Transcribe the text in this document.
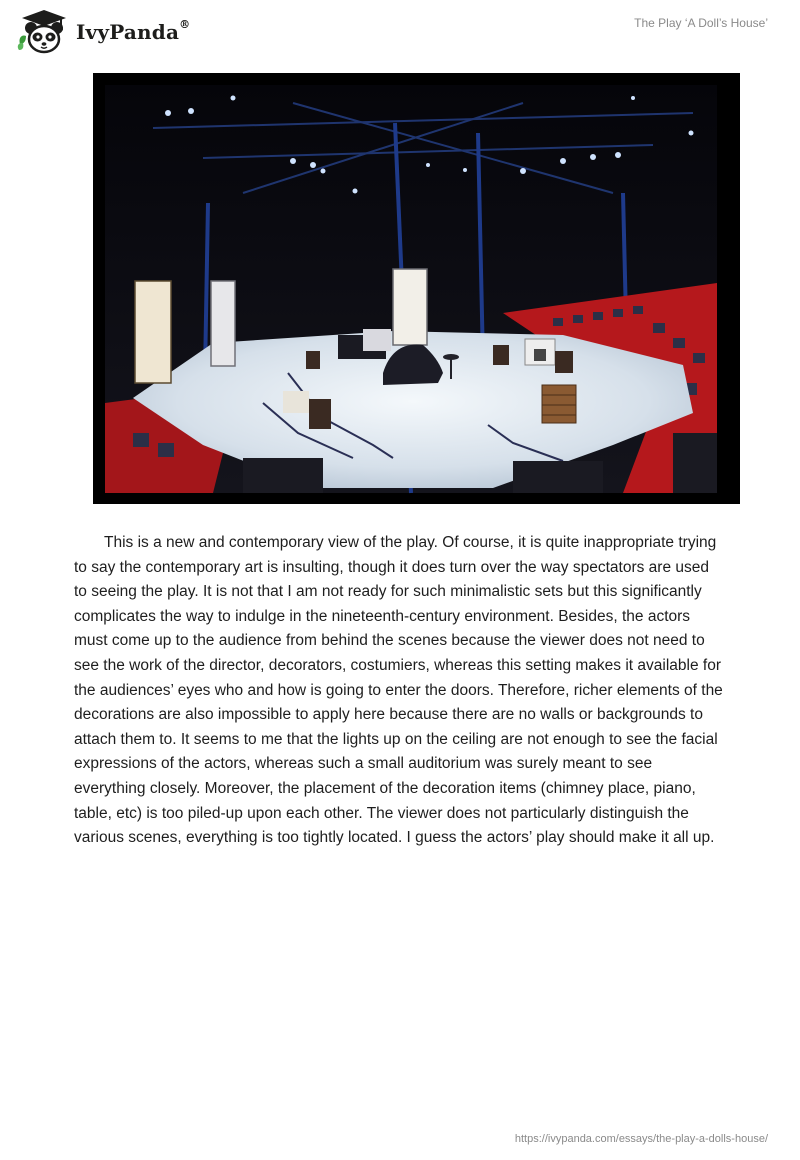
IvyPanda®	The Play ‘A Doll’s House’

This is a new and contemporary view of the play. Of course, it is quite inappropriate trying to say the contemporary art is insulting, though it does turn over the way spectators are used to seeing the play. It is not that I am not ready for such minimalistic sets but this significantly complicates the way to indulge in the nineteenth-century environment. Besides, the actors must come up to the audience from behind the scenes because the viewer does not need to see the work of the director, decorators, costumiers, whereas this setting makes it available for the audiences’ eyes who and how is going to enter the doors. Therefore, richer elements of the decorations are also impossible to apply here because there are no walls or backgrounds to attach them to. It seems to me that the lights up on the ceiling are not enough to see the facial expressions of the actors, whereas such a small auditorium was surely meant to see everything closely. Moreover, the placement of the decoration items (chimney place, piano, table, etc) is too piled-up upon each other. The viewer does not particularly distinguish the various scenes, everything is too tightly located. I guess the actors’ play should make it all up.

https://ivypanda.com/essays/the-play-a-dolls-house/
